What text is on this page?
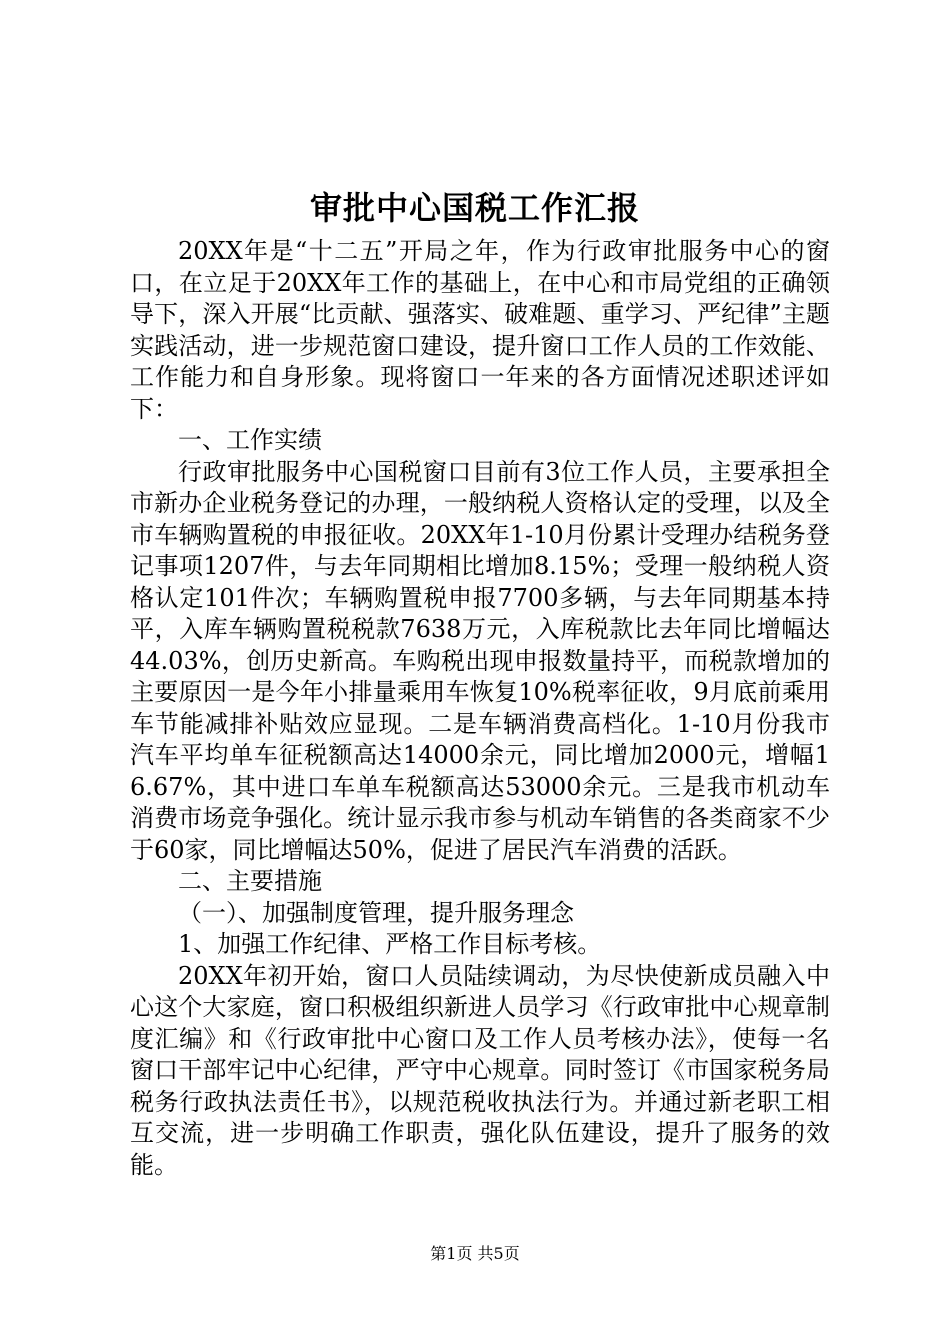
审批中心国税工作汇报

20XX年是“十二五”开局之年，作为行政审批服务中心的窗口，在立足于20XX年工作的基础上，在中心和市局党组的正确领导下，深入开展“比贡献、强落实、破难题、重学习、严纪律”主题实践活动，进一步规范窗口建设，提升窗口工作人员的工作效能、工作能力和自身形象。现将窗口一年来的各方面情况述职述评如下：

一、工作实绩

行政审批服务中心国税窗口目前有3位工作人员，主要承担全市新办企业税务登记的办理，一般纳税人资格认定的受理，以及全市车辆购置税的申报征收。20XX年1-10月份累计受理办结税务登记事项1207件，与去年同期相比增加8.15%；受理一般纳税人资格认定101件次；车辆购置税申报7700多辆，与去年同期基本持平，入库车辆购置税税款7638万元，入库税款比去年同比增幅达44.03%，创历史新高。车购税出现申报数量持平，而税款增加的主要原因一是今年小排量乘用车恢复10%税率征收，9月底前乘用车节能减排补贴效应显现。二是车辆消费高档化。1-10月份我市汽车平均单车征税额高达14000余元，同比增加2000元，增幅16.67%，其中进口车单车税额高达53000余元。三是我市机动车消费市场竞争强化。统计显示我市参与机动车销售的各类商家不少于60家，同比增幅达50%，促进了居民汽车消费的活跃。

二、主要措施

（一）、加强制度管理，提升服务理念

1、加强工作纪律、严格工作目标考核。

20XX年初开始，窗口人员陆续调动，为尽快使新成员融入中心这个大家庭，窗口积极组织新进人员学习《行政审批中心规章制度汇编》和《行政审批中心窗口及工作人员考核办法》，使每一名窗口干部牢记中心纪律，严守中心规章。同时签订《市国家税务局税务行政执法责任书》，以规范税收执法行为。并通过新老职工相互交流，进一步明确工作职责，强化队伍建设，提升了服务的效能。

第1页 共5页
